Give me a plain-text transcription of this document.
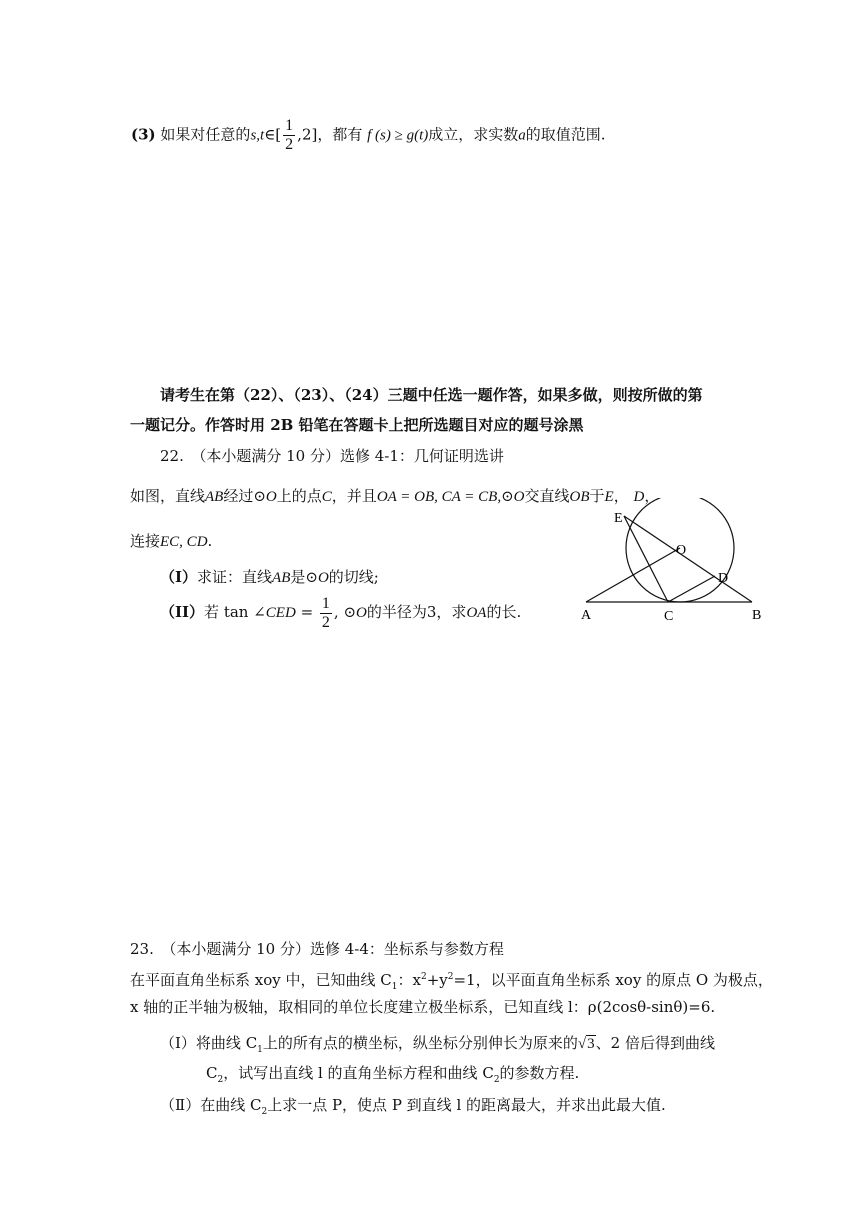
(3) 如果对任意的s,t∈[ $\frac{1}{2} ,2$]，都有 f (s) ≥ g(t)成立，求实数a的取值范围.
请考生在第（22）、（23）、（24）三题中任选一题作答，如果多做，则按所做的第
一题记分。作答时用 2B 铅笔在答题卡上把所选题目对应的题号涂黑
22.　（本小题满分 10 分）选修 4-1：几何证明选讲
如图，直线AB经过⊙O上的点C，并且OA = OB, CA = CB,⊙O交直线OB于E， D，
连接EC, CD.
（I）求证：直线AB是⊙O的切线;
（II）若 tan ∠CED = $\frac{1}{2}$ , ⊙O的半径为3，求OA的长.
E
O
D
A	C	B
23.　（本小题满分 10 分）选修 4-4：坐标系与参数方程
在平面直角坐标系 xoy 中，已知曲线 $C_1$：$x^2+y^2=1$，以平面直角坐标系 xoy 的原点 O 为极点，
x 轴的正半轴为极轴，取相同的单位长度建立极坐标系，已知直线 l：ρ(2cosθ-sinθ)=6.
（Ⅰ）将曲线 $C_1$上的所有点的横坐标，纵坐标分别伸长为原来的√3、2 倍后得到曲线
$C_2$，试写出直线 l 的直角坐标方程和曲线 $C_2$的参数方程.
（Ⅱ）在曲线 $C_2$上求一点 P，使点 P 到直线 l 的距离最大，并求出此最大值.
